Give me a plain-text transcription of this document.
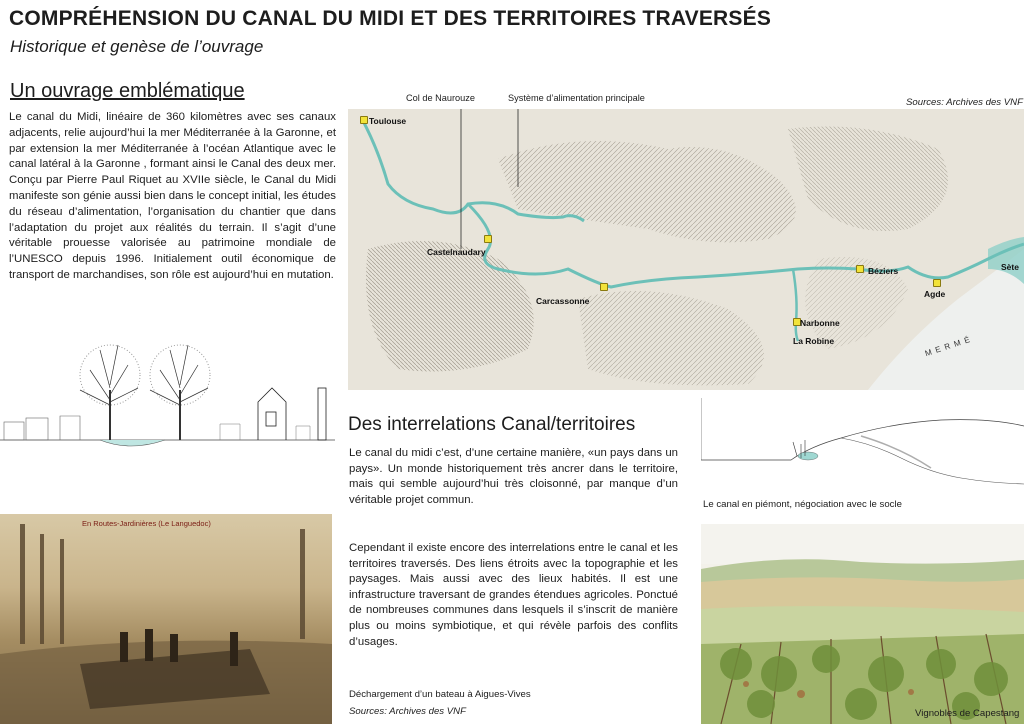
COMPRÉHENSION DU CANAL DU MIDI ET DES TERRITOIRES TRAVERSÉS
Historique et genèse de l’ouvrage
Un ouvrage emblématique
Le canal du Midi, linéaire de 360 kilomètres avec ses canaux adjacents, relie aujourd’hui la mer Méditerranée à la Garonne, et par extension la mer Méditerranée à l’océan Atlantique avec le canal latéral à la Garonne , formant ainsi le Canal des deux mer. Conçu par Pierre Paul Riquet au XVIIe siècle, le Canal du Midi manifeste son génie aussi bien dans le concept initial, les études du réseau d’alimentation, l’organisation du chantier que dans l’adaptation du projet aux réalités du terrain. Il s’agit d’une véritable prouesse valorisée au patrimoine mondiale de l’UNESCO depuis 1996. Initialement outil économique de transport de marchandises, son rôle est aujourd’hui en mutation.
Col de Naurouze	Système d’alimentation principale	Sources: Archives des VNF
Toulouse
Castelnaudary
Carcassonne
Béziers
Agde
Sète
Narbonne
La Robine	M E R M É
En Routes-Jardinières (Le Languedoc)
Des interrelations Canal/territoires
Le canal du midi c’est, d’une certaine manière, «un pays dans un pays». Un monde historiquement très ancrer dans le territoire, mais qui semble aujourd’hui très cloisonné, par manque d’un véritable projet commun.
Cependant il existe encore des interrelations entre le canal et les territoires traversés. Des liens étroits avec la topographie et les paysages. Mais aussi avec des lieux habités. Il est une infrastructure traversant de grandes étendues agricoles. Ponctué de nombreuses communes dans lesquels il s’inscrit de manière plus ou moins symbiotique, et qui révèle parfois des conflits d’usages.
Déchargement d’un bateau à Aigues-Vives
Sources: Archives des VNF
Le canal en piémont, négociation avec le socle
Vignobles de Capestang
